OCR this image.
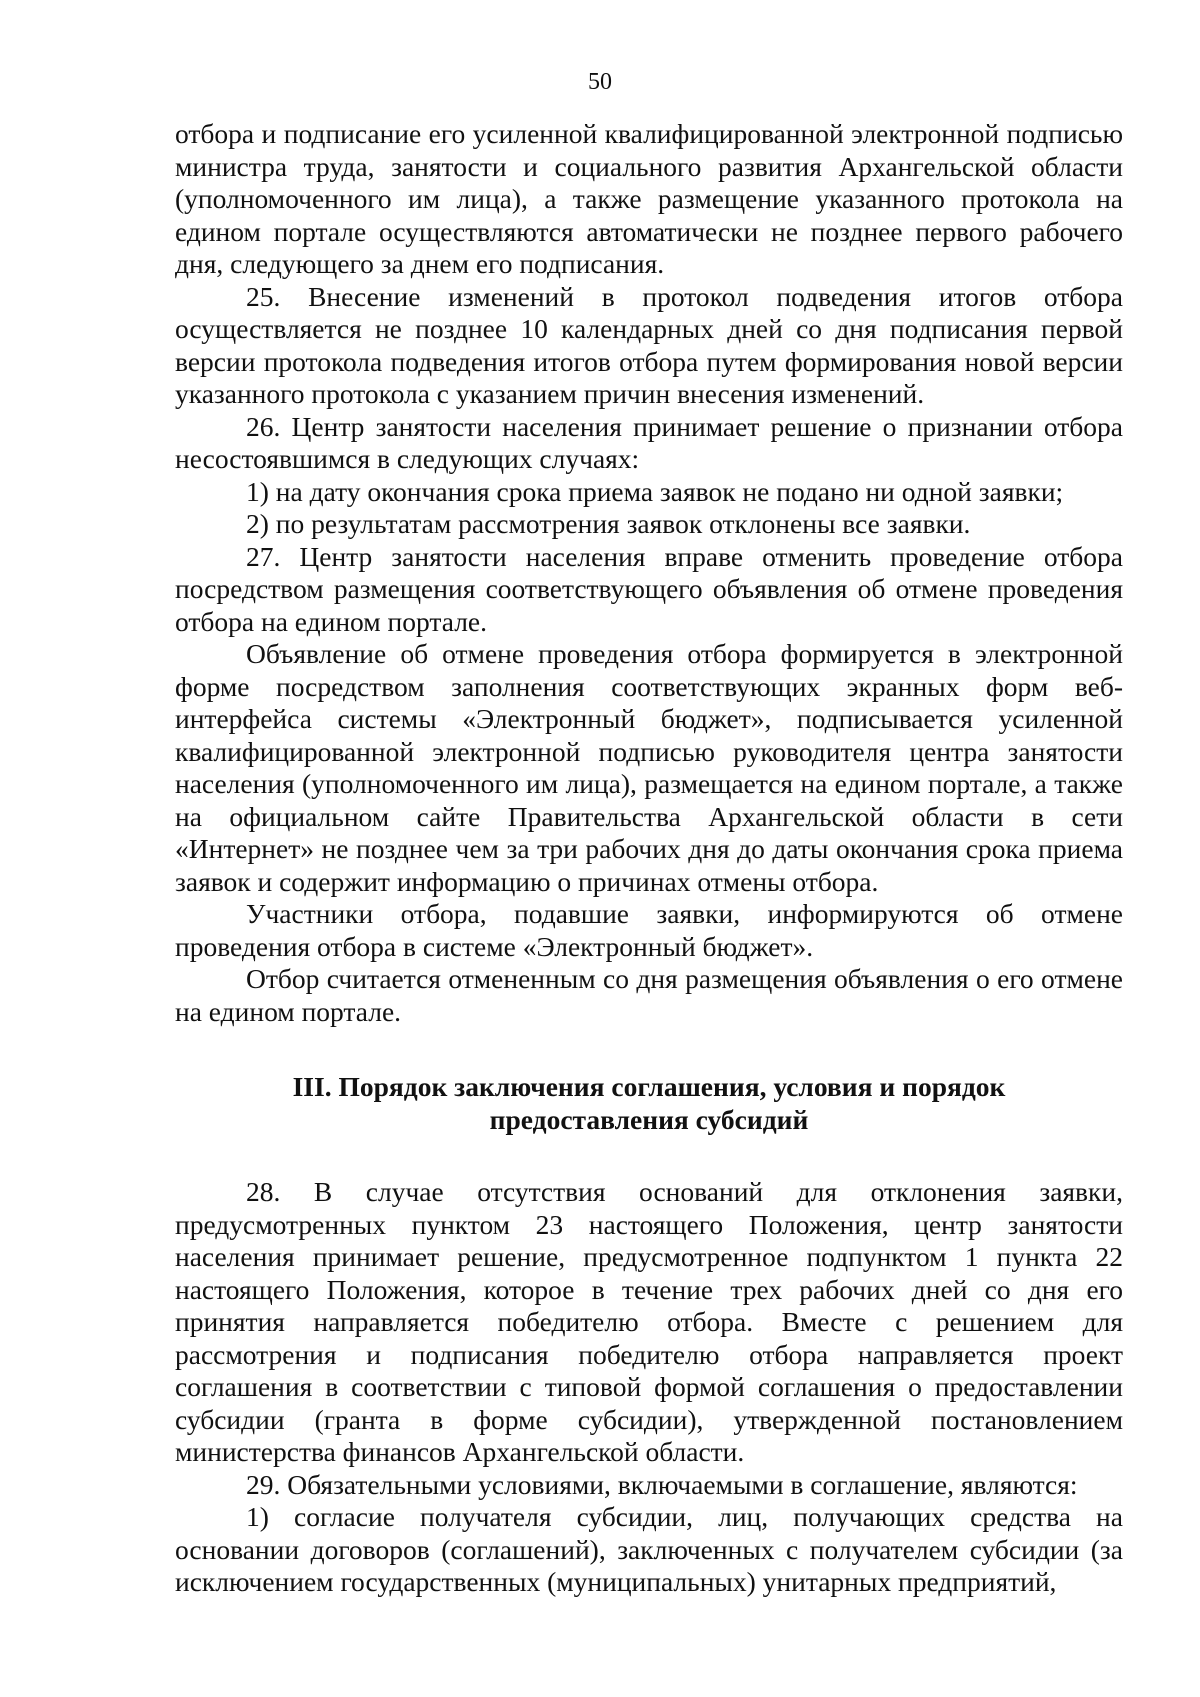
50

отбора и подписание его усиленной квалифицированной электронной подписью министра труда, занятости и социального развития Архангельской области (уполномоченного им лица), а также размещение указанного протокола на едином портале осуществляются автоматически не позднее первого рабочего дня, следующего за днем его подписания.

25. Внесение изменений в протокол подведения итогов отбора осуществляется не позднее 10 календарных дней со дня подписания первой версии протокола подведения итогов отбора путем формирования новой версии указанного протокола с указанием причин внесения изменений.

26. Центр занятости населения принимает решение о признании отбора несостоявшимся в следующих случаях:

1) на дату окончания срока приема заявок не подано ни одной заявки;

2) по результатам рассмотрения заявок отклонены все заявки.

27. Центр занятости населения вправе отменить проведение отбора посредством размещения соответствующего объявления об отмене проведения отбора на едином портале.

Объявление об отмене проведения отбора формируется в электронной форме посредством заполнения соответствующих экранных форм веб-интерфейса системы «Электронный бюджет», подписывается усиленной квалифицированной электронной подписью руководителя центра занятости населения (уполномоченного им лица), размещается на едином портале, а также на официальном сайте Правительства Архангельской области в сети «Интернет» не позднее чем за три рабочих дня до даты окончания срока приема заявок и содержит информацию о причинах отмены отбора.

Участники отбора, подавшие заявки, информируются об отмене проведения отбора в системе «Электронный бюджет».

Отбор считается отмененным со дня размещения объявления о его отмене на едином портале.

III. Порядок заключения соглашения, условия и порядок
предоставления субсидий

28. В случае отсутствия оснований для отклонения заявки, предусмотренных пунктом 23 настоящего Положения, центр занятости населения принимает решение, предусмотренное подпунктом 1 пункта 22 настоящего Положения, которое в течение трех рабочих дней со дня его принятия направляется победителю отбора. Вместе с решением для рассмотрения и подписания победителю отбора направляется проект соглашения в соответствии с типовой формой соглашения о предоставлении субсидии (гранта в форме субсидии), утвержденной постановлением министерства финансов Архангельской области.

29. Обязательными условиями, включаемыми в соглашение, являются:

1) согласие получателя субсидии, лиц, получающих средства на основании договоров (соглашений), заключенных с получателем субсидии (за исключением государственных (муниципальных) унитарных предприятий,
